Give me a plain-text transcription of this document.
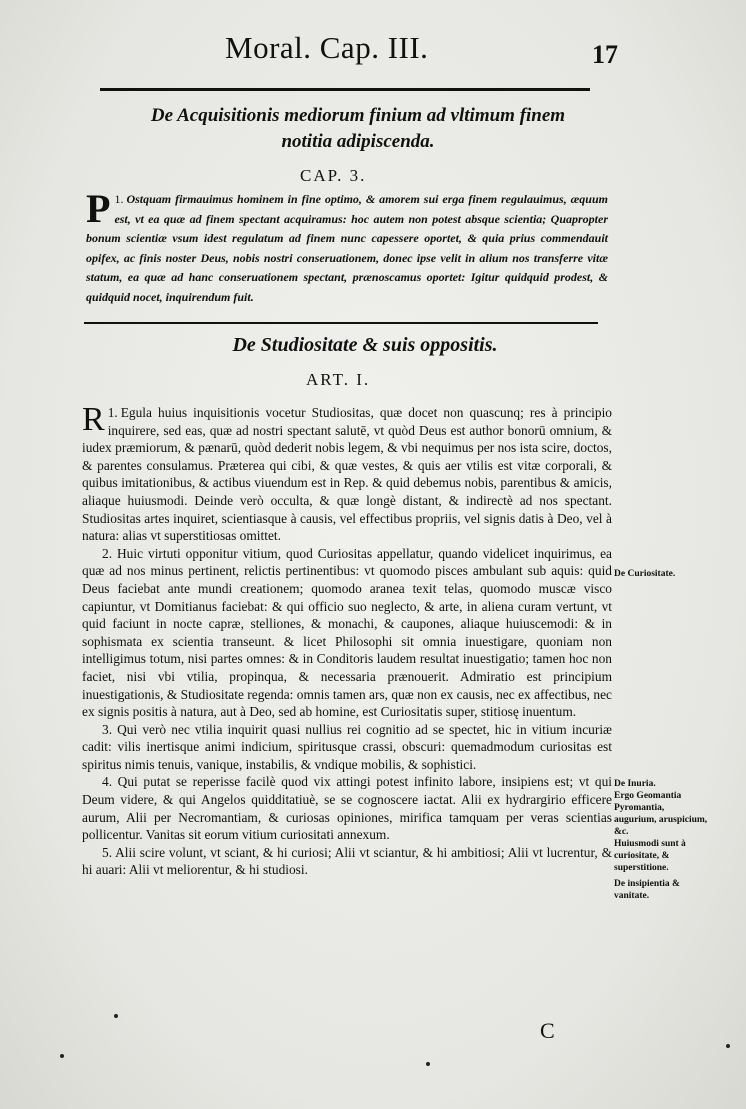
Moral. Cap. III.	17
De Acquisitionis mediorum finium ad vltimum finem notitia adipiscenda.
CAP. 3.
1.
P Ostquam firmauimus hominem in fine optimo, & amorem sui erga finem regulauimus, æquum est, vt ea quæ ad finem spectant acquiramus: hoc autem non potest absque scientia; Quapropter bonum scientiæ vsum idest regulatum ad finem nunc capessere oportet, & quia prius commendauit opifex, ac finis noster Deus, nobis nostri conseruationem, donec ipse velit in alium nos transferre vitæ statum, ea quæ ad hanc conseruationem spectant, prænoscamus oportet: Igitur quidquid prodest, & quidquid nocet, inquirendum fuit.
De Studiositate & suis oppositis.
ART. I.

1.
R Egula huius inquisitionis vocetur Studiositas, quæ docet non quascunq; res à principio inquirere, sed eas, quæ ad nostri spectant salutē, vt quòd Deus est author bonorū omnium, & iudex præmiorum, & pænarū, quòd dederit nobis legem, & vbi nequimus per nos ista scire, doctos, & parentes consulamus. Præterea qui cibi, & quæ vestes, & quis aer vtilis est vitæ corporali, & quibus imitationibus, & actibus viuendum est in Rep. & quid debemus nobis, parentibus & amicis, aliaque huiusmodi. Deinde verò occulta, & quæ longè distant, & indirectè ad nos spectant. Studiositas artes inquiret, scientiasque à causis, vel effectibus propriis, vel signis datis à Deo, vel à natura: alias vt superstitiosas omittet.

2. Huic virtuti opponitur vitium, quod Curiositas appellatur, quando videlicet inquirimus, ea quæ ad nos minus pertinent, relictis pertinentibus: vt quomodo pisces ambulant sub aquis: quid Deus faciebat ante mundi creationem; quomodo aranea texit telas, quomodo muscæ visco capiuntur, vt Domitianus faciebat: & qui officio suo neglecto, & arte, in aliena curam vertunt, vt quid faciunt in nocte capræ, stelliones, & monachi, & caupones, aliaque huiuscemodi: & in sophismata ex scientia transeunt. & licet Philosophi sit omnia inuestigare, quoniam non intelligimus totum, nisi partes omnes: & in Conditoris laudem resultat inuestigatio; tamen hoc non faciet, nisi vbi vtilia, propinqua, & necessaria prænouerit. Admiratio est principium inuestigationis, & Studiositate regenda: omnis tamen ars, quæ non ex causis, nec ex affectibus, nec ex signis positis à natura, aut à Deo, sed ab homine, est Curiositatis super, stitiosę inuentum.

3. Qui verò nec vtilia inquirit quasi nullius rei cognitio ad se spectet, hic in vitium incuriæ cadit: vilis inertisque animi indicium, spiritusque crassi, obscuri: quemadmodum curiositas est spiritus nimis tenuis, vanique, instabilis, & vndique mobilis, & sophistici.

4. Qui putat se reperisse facilè quod vix attingi potest infinito labore, insipiens est; vt qui Deum videre, & qui Angelos quidditatiuè, se se cognoscere iactat. Alii ex hydrargirio efficere aurum, Alii per Necromantiam, & curiosas opiniones, mirifica tamquam per veras scientias pollicentur. Vanitas sit eorum vitium curiositati annexum.

5. Alii scire volunt, vt sciant, & hi curiosi; Alii vt sciantur, & hi ambitiosi; Alii vt lucrentur, & hi auari: Alii vt meliorentur, & hi studiosi.

De Curiositate.
De Inuria.
Ergo Geomantia Pyromantia, augurium, aruspicium, &c.
Huiusmodi sunt à curiositate, & superstitione.
De insipientia & vanitate.
C
